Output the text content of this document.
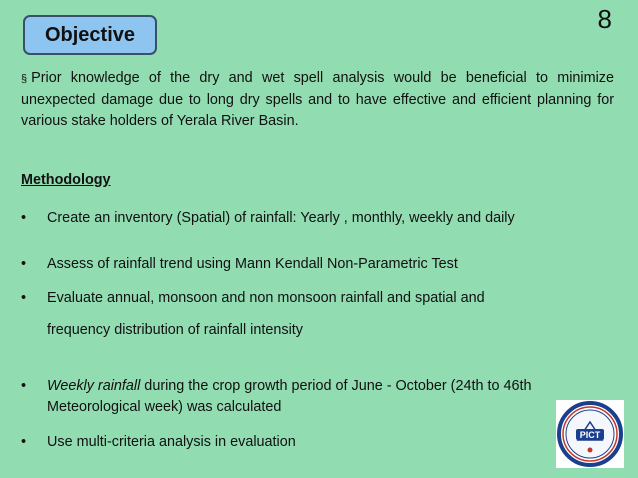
Objective
8
§ Prior knowledge of the dry and wet spell analysis would be beneficial to minimize unexpected damage due to long dry spells and to have effective and efficient planning for various stake holders of Yerala River Basin.
Methodology
•	Create an inventory (Spatial) of rainfall: Yearly , monthly, weekly and daily
•	Assess of rainfall trend using Mann Kendall Non-Parametric Test
•	Evaluate annual, monsoon and non monsoon rainfall and spatial and
frequency distribution of rainfall intensity
•	Weekly rainfall during the crop growth period of June - October (24th to 46th Meteorological week) was calculated
•	Use multi-criteria analysis in evaluation	PICT
